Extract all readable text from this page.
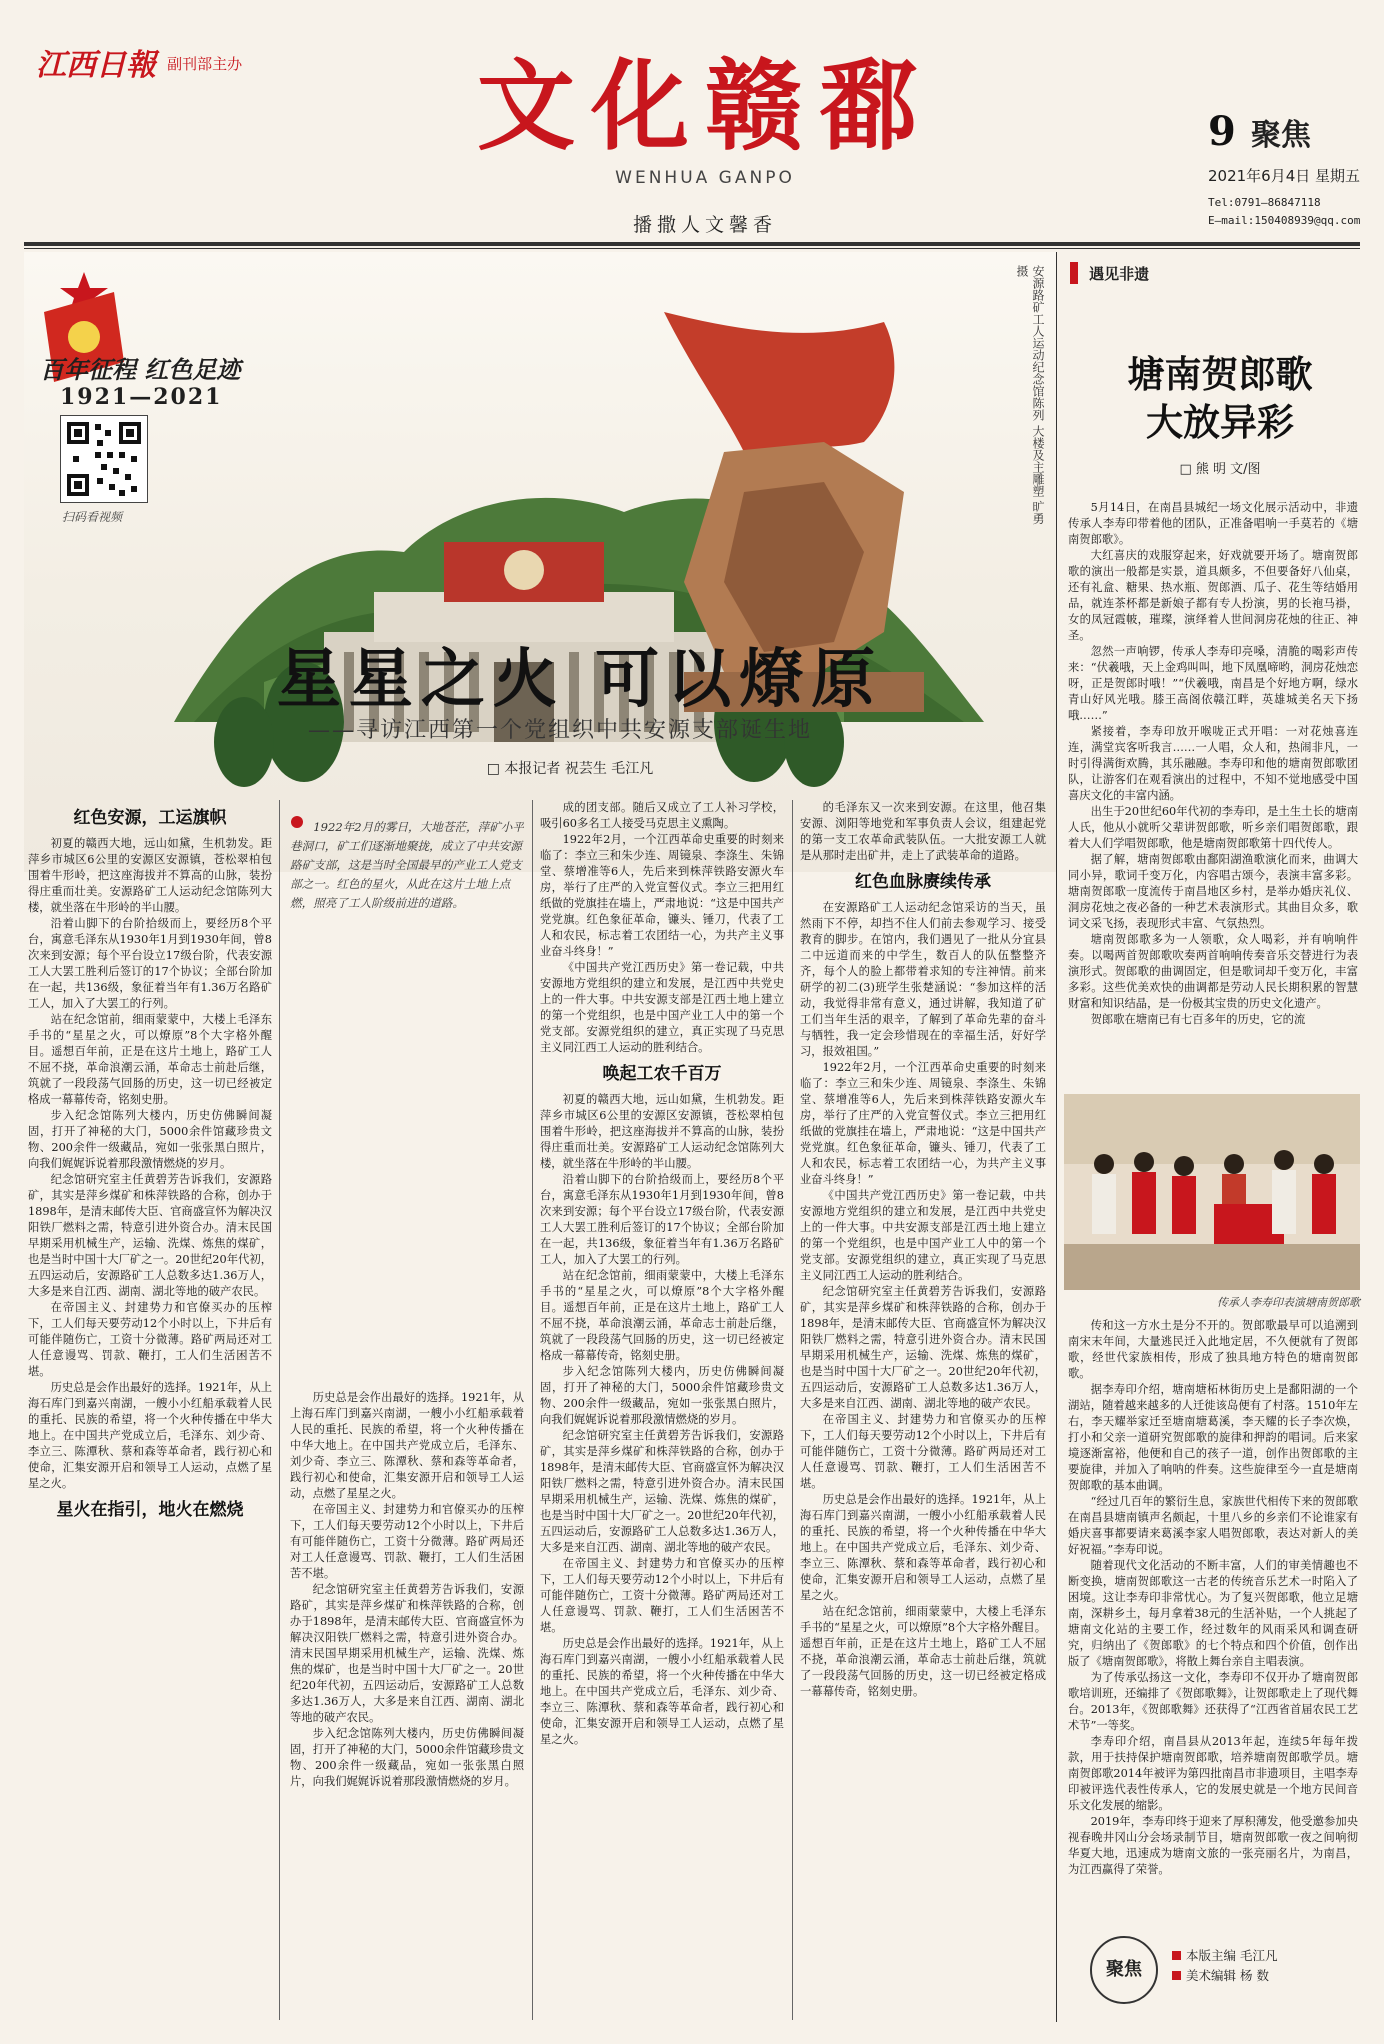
江西日報 副刊部主办	文化赣鄱
WENHUA GANPO
播撒人文馨香
9 聚焦
2021年6月4日 星期五
Tel:0791—86847118
E—mail:150408939@qq.com
百年征程 红色足迹
1921—2021
扫码看视频	安源路矿工人运动纪念馆陈列 大楼及主雕塑 旷勇 摄
星星之火 可以燎原
——寻访江西第一个党组织中共安源支部诞生地
□ 本报记者 祝芸生 毛江凡
红色安源，工运旗帜

初夏的赣西大地，远山如黛，生机勃发。距萍乡市城区6公里的安源区安源镇，苍松翠柏包围着牛形岭，把这座海拔并不算高的山脉，装扮得庄重而壮美。安源路矿工人运动纪念馆陈列大楼，就坐落在牛形岭的半山腰。

沿着山脚下的台阶拾级而上，要经历8个平台，寓意毛泽东从1930年1月到1930年间，曾8次来到安源；每个平台设立17级台阶，代表安源工人大罢工胜利后签订的17个协议；全部台阶加在一起，共136级，象征着当年有1.36万名路矿工人，加入了大罢工的行列。

站在纪念馆前，细雨蒙蒙中，大楼上毛泽东手书的“星星之火，可以燎原”8个大字格外醒目。遥想百年前，正是在这片土地上，路矿工人不屈不挠，革命浪潮云涌，革命志士前赴后继，筑就了一段段荡气回肠的历史，这一切已经被定格成一幕幕传奇，铭刻史册。

步入纪念馆陈列大楼内，历史仿佛瞬间凝固，打开了神秘的大门，5000余件馆藏珍贵文物、200余件一级藏品，宛如一张张黑白照片，向我们娓娓诉说着那段激情燃烧的岁月。

纪念馆研究室主任黄碧芳告诉我们，安源路矿，其实是萍乡煤矿和株萍铁路的合称，创办于1898年，是清末邮传大臣、官商盛宣怀为解决汉阳铁厂燃料之需，特意引进外资合办。清末民国早期采用机械生产，运输、洗煤、炼焦的煤矿，也是当时中国十大厂矿之一。20世纪20年代初，五四运动后，安源路矿工人总数多达1.36万人，大多是来自江西、湖南、湖北等地的破产农民。

在帝国主义、封建势力和官僚买办的压榨下，工人们每天要劳动12个小时以上，下井后有可能伴随伤亡，工资十分微薄。路矿两局还对工人任意谩骂、罚款、鞭打，工人们生活困苦不堪。

历史总是会作出最好的选择。1921年，从上海石库门到嘉兴南湖，一艘小小红船承载着人民的重托、民族的希望，将一个火种传播在中华大地上。在中国共产党成立后，毛泽东、刘少奇、李立三、陈潭秋、蔡和森等革命者，践行初心和使命，汇集安源开启和领导工人运动，点燃了星星之火。

星火在指引，地火在燃烧
1922年2月的雾日，大地苍茫，萍矿小平巷洞口，矿工们逐渐地聚拢，成立了中共安源路矿支部，这是当时全国最早的产业工人党支部之一。红色的星火，从此在这片土地上点燃，照亮了工人阶级前进的道路。

历史总是会作出最好的选择。1921年，从上海石库门到嘉兴南湖，一艘小小红船承载着人民的重托、民族的希望，将一个火种传播在中华大地上。在中国共产党成立后，毛泽东、刘少奇、李立三、陈潭秋、蔡和森等革命者，践行初心和使命，汇集安源开启和领导工人运动，点燃了星星之火。

在帝国主义、封建势力和官僚买办的压榨下，工人们每天要劳动12个小时以上，下井后有可能伴随伤亡，工资十分微薄。路矿两局还对工人任意谩骂、罚款、鞭打，工人们生活困苦不堪。

纪念馆研究室主任黄碧芳告诉我们，安源路矿，其实是萍乡煤矿和株萍铁路的合称，创办于1898年，是清末邮传大臣、官商盛宣怀为解决汉阳铁厂燃料之需，特意引进外资合办。清末民国早期采用机械生产，运输、洗煤、炼焦的煤矿，也是当时中国十大厂矿之一。20世纪20年代初，五四运动后，安源路矿工人总数多达1.36万人，大多是来自江西、湖南、湖北等地的破产农民。

步入纪念馆陈列大楼内，历史仿佛瞬间凝固，打开了神秘的大门，5000余件馆藏珍贵文物、200余件一级藏品，宛如一张张黑白照片，向我们娓娓诉说着那段激情燃烧的岁月。

成的团支部。随后又成立了工人补习学校，吸引60多名工人接受马克思主义熏陶。

1922年2月，一个江西革命史重要的时刻来临了：李立三和朱少连、周镜泉、李涤生、朱锦堂、蔡增准等6人，先后来到株萍铁路安源火车房，举行了庄严的入党宣誓仪式。李立三把用红纸做的党旗挂在墙上，严肃地说：“这是中国共产党党旗。红色象征革命，镰头、锤刀，代表了工人和农民，标志着工农团结一心，为共产主义事业奋斗终身！”

《中国共产党江西历史》第一卷记载，中共安源地方党组织的建立和发展，是江西中共党史上的一件大事。中共安源支部是江西土地上建立的第一个党组织，也是中国产业工人中的第一个党支部。安源党组织的建立，真正实现了马克思主义同江西工人运动的胜利结合。

唤起工农千百万

初夏的赣西大地，远山如黛，生机勃发。距萍乡市城区6公里的安源区安源镇，苍松翠柏包围着牛形岭，把这座海拔并不算高的山脉，装扮得庄重而壮美。安源路矿工人运动纪念馆陈列大楼，就坐落在牛形岭的半山腰。

沿着山脚下的台阶拾级而上，要经历8个平台，寓意毛泽东从1930年1月到1930年间，曾8次来到安源；每个平台设立17级台阶，代表安源工人大罢工胜利后签订的17个协议；全部台阶加在一起，共136级，象征着当年有1.36万名路矿工人，加入了大罢工的行列。

站在纪念馆前，细雨蒙蒙中，大楼上毛泽东手书的“星星之火，可以燎原”8个大字格外醒目。遥想百年前，正是在这片土地上，路矿工人不屈不挠，革命浪潮云涌，革命志士前赴后继，筑就了一段段荡气回肠的历史，这一切已经被定格成一幕幕传奇，铭刻史册。

步入纪念馆陈列大楼内，历史仿佛瞬间凝固，打开了神秘的大门，5000余件馆藏珍贵文物、200余件一级藏品，宛如一张张黑白照片，向我们娓娓诉说着那段激情燃烧的岁月。

纪念馆研究室主任黄碧芳告诉我们，安源路矿，其实是萍乡煤矿和株萍铁路的合称，创办于1898年，是清末邮传大臣、官商盛宣怀为解决汉阳铁厂燃料之需，特意引进外资合办。清末民国早期采用机械生产，运输、洗煤、炼焦的煤矿，也是当时中国十大厂矿之一。20世纪20年代初，五四运动后，安源路矿工人总数多达1.36万人，大多是来自江西、湖南、湖北等地的破产农民。

在帝国主义、封建势力和官僚买办的压榨下，工人们每天要劳动12个小时以上，下井后有可能伴随伤亡，工资十分微薄。路矿两局还对工人任意谩骂、罚款、鞭打，工人们生活困苦不堪。

历史总是会作出最好的选择。1921年，从上海石库门到嘉兴南湖，一艘小小红船承载着人民的重托、民族的希望，将一个火种传播在中华大地上。在中国共产党成立后，毛泽东、刘少奇、李立三、陈潭秋、蔡和森等革命者，践行初心和使命，汇集安源开启和领导工人运动，点燃了星星之火。

的毛泽东又一次来到安源。在这里，他召集安源、浏阳等地党和军事负责人会议，组建起党的第一支工农革命武装队伍。一大批安源工人就是从那时走出矿井，走上了武装革命的道路。

红色血脉赓续传承

在安源路矿工人运动纪念馆采访的当天，虽然雨下不停，却挡不住人们前去参观学习、接受教育的脚步。在馆内，我们遇见了一批从分宜县二中远道而来的中学生，数百人的队伍整整齐齐，每个人的脸上都带着求知的专注神情。前来研学的初二(3)班学生张楚涵说：“参加这样的活动，我觉得非常有意义，通过讲解，我知道了矿工们当年生活的艰辛，了解到了革命先辈的奋斗与牺牲，我一定会珍惜现在的幸福生活，好好学习，报效祖国。”

1922年2月，一个江西革命史重要的时刻来临了：李立三和朱少连、周镜泉、李涤生、朱锦堂、蔡增准等6人，先后来到株萍铁路安源火车房，举行了庄严的入党宣誓仪式。李立三把用红纸做的党旗挂在墙上，严肃地说：“这是中国共产党党旗。红色象征革命，镰头、锤刀，代表了工人和农民，标志着工农团结一心，为共产主义事业奋斗终身！”

《中国共产党江西历史》第一卷记载，中共安源地方党组织的建立和发展，是江西中共党史上的一件大事。中共安源支部是江西土地上建立的第一个党组织，也是中国产业工人中的第一个党支部。安源党组织的建立，真正实现了马克思主义同江西工人运动的胜利结合。

纪念馆研究室主任黄碧芳告诉我们，安源路矿，其实是萍乡煤矿和株萍铁路的合称，创办于1898年，是清末邮传大臣、官商盛宣怀为解决汉阳铁厂燃料之需，特意引进外资合办。清末民国早期采用机械生产，运输、洗煤、炼焦的煤矿，也是当时中国十大厂矿之一。20世纪20年代初，五四运动后，安源路矿工人总数多达1.36万人，大多是来自江西、湖南、湖北等地的破产农民。

在帝国主义、封建势力和官僚买办的压榨下，工人们每天要劳动12个小时以上，下井后有可能伴随伤亡，工资十分微薄。路矿两局还对工人任意谩骂、罚款、鞭打，工人们生活困苦不堪。

历史总是会作出最好的选择。1921年，从上海石库门到嘉兴南湖，一艘小小红船承载着人民的重托、民族的希望，将一个火种传播在中华大地上。在中国共产党成立后，毛泽东、刘少奇、李立三、陈潭秋、蔡和森等革命者，践行初心和使命，汇集安源开启和领导工人运动，点燃了星星之火。

站在纪念馆前，细雨蒙蒙中，大楼上毛泽东手书的“星星之火，可以燎原”8个大字格外醒目。遥想百年前，正是在这片土地上，路矿工人不屈不挠，革命浪潮云涌，革命志士前赴后继，筑就了一段段荡气回肠的历史，这一切已经被定格成一幕幕传奇，铭刻史册。

遇见非遗
塘南贺郎歌
大放异彩
□ 熊 明 文/图

5月14日，在南昌县城纪一场文化展示活动中，非遗传承人李寿印带着他的团队，正准备唱响一手莫若的《塘南贺郎歌》。

大红喜庆的戏服穿起来，好戏就要开场了。塘南贺郎歌的演出一般都是实景，道具颇多，不但要备好八仙桌，还有礼盒、糖果、热水瓶、贺郎酒、瓜子、花生等结婚用品，就连茶杯都是新娘子都有专人扮演，男的长袍马褂，女的凤冠霞帔，璀璨，演绎着人世间洞房花烛的往正、神圣。

忽然一声响锣，传承人李寿印亮嗓，清脆的喝彩声传来：“伏羲哦，天上金鸡叫叫，地下凤凰啼哟，洞房花烛恋呀，正是贺郎时哦！”“伏羲哦，南昌是个好地方啊，绿水青山好风光哦。膝王高阁依赣江畔，英雄城美名天下扬哦……”

紧接着，李寿印放开喉咙正式开唱：一对花烛喜连连，满堂宾客听我言……一人唱，众人和，热闹非凡，一时引得满街欢腾，其乐融融。李寿印和他的塘南贺郎歌团队，让游客们在观看演出的过程中，不知不觉地感受中国喜庆文化的丰富内涵。

出生于20世纪60年代初的李寿印，是土生土长的塘南人氏，他从小就听父辈讲贺郎歌，听乡亲们唱贺郎歌，跟着大人们学唱贺郎歌，他是塘南贺郎歌第十四代传人。

据了解，塘南贺郎歌由鄱阳湖渔歌演化而来，曲调大同小异，歌词千变万化，内容唱古颂今，表演丰富多彩。塘南贺郎歌一度流传于南昌地区乡村，是举办婚庆礼仪、洞房花烛之夜必备的一种艺术表演形式。其曲目众多，歌词文采飞扬，表现形式丰富、气氛热烈。

塘南贺郎歌多为一人领歌，众人喝彩，并有响响件奏。以喝两首贺郎歌吹奏两首响响传奏音乐交替进行为表演形式。贺郎歌的曲调固定，但是歌词却千变万化，丰富多彩。这些优美欢快的曲调都是劳动人民长期积累的智慧财富和知识结晶，是一份极其宝贵的历史文化遗产。

贺郎歌在塘南已有七百多年的历史，它的流

传承人李寿印表演塘南贺郎歌

传和这一方水土是分不开的。贺郎歌最早可以追溯到南宋末年间，大量逃民迁入此地定居，不久便就有了贺郎歌，经世代家族相传，形成了独具地方特色的塘南贺郎歌。

据李寿印介绍，塘南塘柘林街历史上是鄱阳湖的一个湖站，随着越来越多的人迁徙该岛便有了村落。1510年左右，李天耀举家迁至塘南塘葛溪，李天耀的长子李次焕，打小和父亲一道研究贺郎歌的旋律和押韵的唱词。后来家境逐渐富裕，他便和自己的孩子一道，创作出贺郎歌的主要旋律，并加入了响呐的件奏。这些旋律至今一直是塘南贺郎歌的基本曲调。

“经过几百年的繁衍生息，家族世代相传下来的贺郎歌在南昌县塘南镇声名颇起，十里八乡的乡亲们不论谁家有婚庆喜事都要请来葛溪李家人唱贺郎歌，表达对新人的美好祝福。”李寿印说。

随着现代文化活动的不断丰富，人们的审美情趣也不断变换，塘南贺郎歌这一古老的传统音乐艺术一时陷入了困境。这让李寿印非常忧心。为了复兴贺郎歌，他立足塘南，深耕乡土，每月拿着38元的生活补贴，一个人挑起了塘南文化站的主要工作，经过数年的风雨采风和调查研究，归纳出了《贺郎歌》的七个特点和四个价值，创作出版了《塘南贺郎歌》，将散上舞台亲自主唱表演。

为了传承弘扬这一文化，李寿印不仅开办了塘南贺郎歌培训班，还编排了《贺郎歌舞》，让贺郎歌走上了现代舞台。2013年，《贺郎歌舞》还获得了“江西省首届农民工艺术节”一等奖。

李寿印介绍，南昌县从2013年起，连续5年每年拨款，用于扶持保护塘南贺郎歌，培养塘南贺郎歌学员。塘南贺郎歌2014年被评为第四批南昌市非遗项目，主唱李寿印被评选代表性传承人，它的发展史就是一个地方民间音乐文化发展的缩影。

2019年，李寿印终于迎来了厚积薄发，他受邀参加央视春晚井冈山分会场录制节目，塘南贺郎歌一夜之间响彻华夏大地，迅速成为塘南文旅的一张亮丽名片，为南昌，为江西赢得了荣誉。

聚焦
本版主编 毛江凡
美术编辑 杨 数
